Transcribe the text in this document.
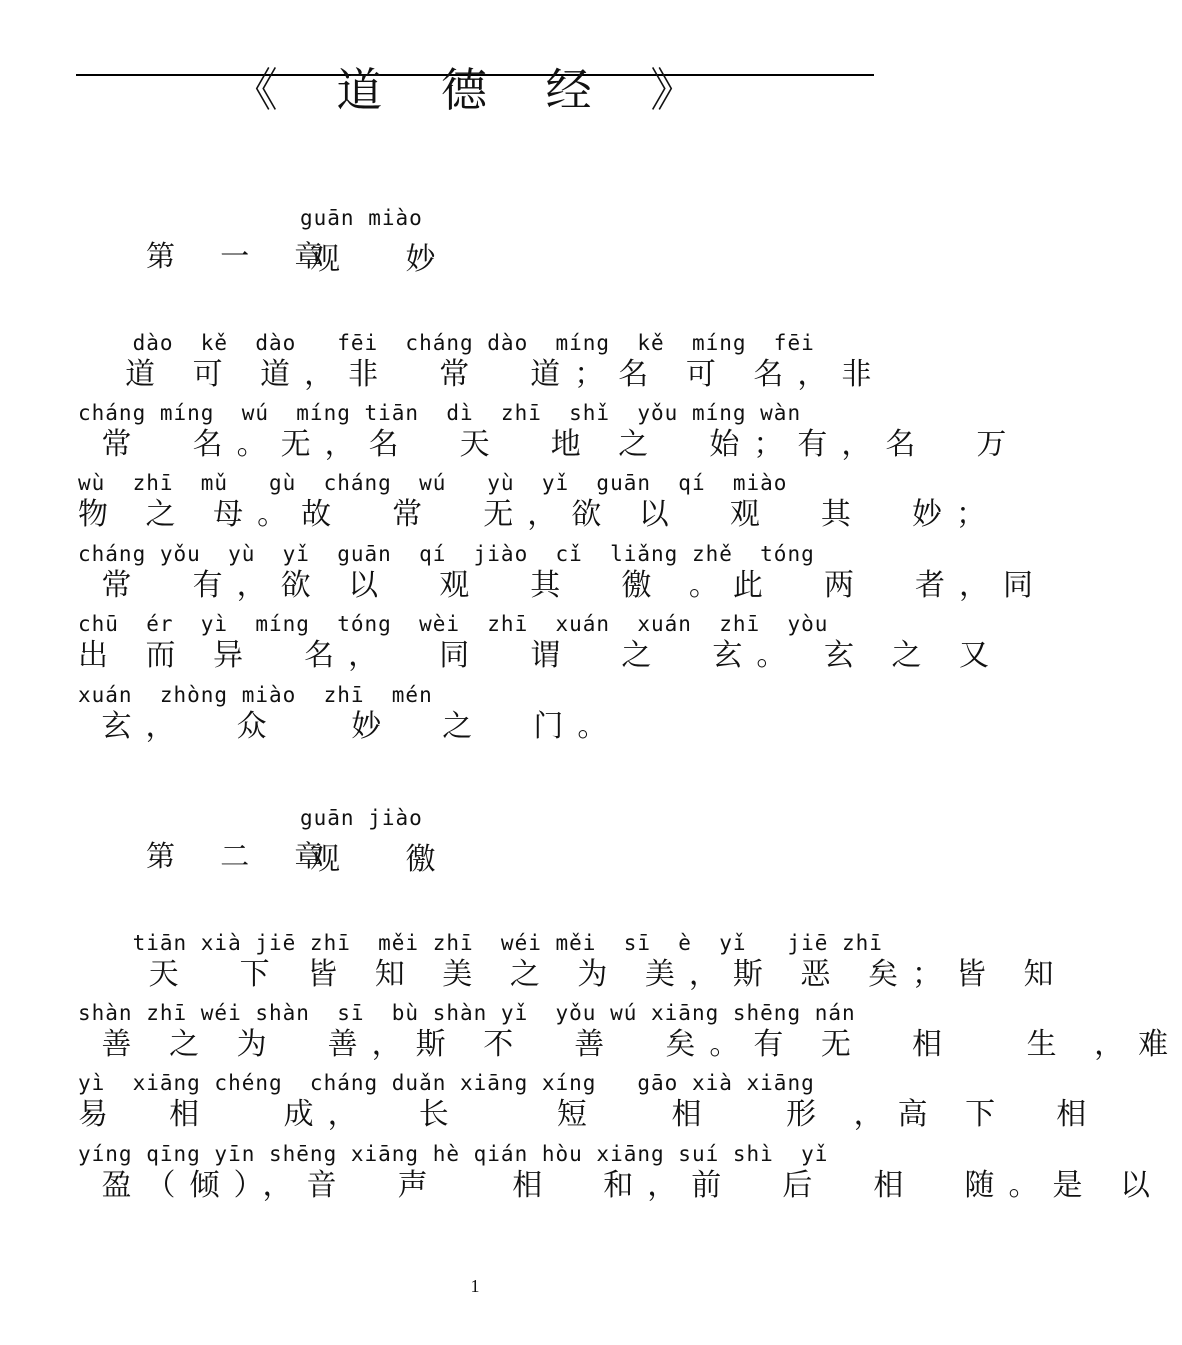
《 道 德 经 》
guān miào
第 一 章
观 妙
dào  kě  dào   fēi  cháng dào  míng  kě  míng  fēi
道 可 道，非  常  道；名 可 名，非
cháng míng  wú  míng tiān  dì  zhī  shǐ  yǒu míng wàn
常  名。无，名  天  地 之  始；有，名  万
wù  zhī  mǔ   gù  cháng  wú   yù  yǐ  guān  qí  miào
物 之 母。故  常  无，欲 以  观  其  妙；
cháng yǒu  yù  yǐ  guān  qí  jiào  cǐ  liǎng zhě  tóng
常  有，欲 以  观  其  徼 。此  两  者，同
chū  ér  yì  míng  tóng  wèi  zhī  xuán  xuán  zhī  yòu
出 而 异  名，  同  谓  之  玄。 玄 之 又
xuán  zhòng miào  zhī  mén
玄，  众   妙  之  门。
guān jiào
第 二 章
观 徼
tiān xià jiē zhī  měi zhī  wéi měi  sī  è  yǐ   jiē zhī
天  下 皆 知 美 之 为 美，斯 恶 矣；皆 知
shàn zhī wéi shàn  sī  bù shàn yǐ  yǒu wú xiāng shēng nán
善 之 为  善，斯 不  善  矣。有 无  相   生 ，难
yì  xiāng chéng  cháng duǎn xiāng xíng   gāo xià xiāng
易  相   成，  长    短   相   形 ，高 下  相
yíng qīng yīn shēng xiāng hè qián hòu xiāng suí shì  yǐ
盈（倾），音  声   相  和，前  后  相  随。是 以
1
